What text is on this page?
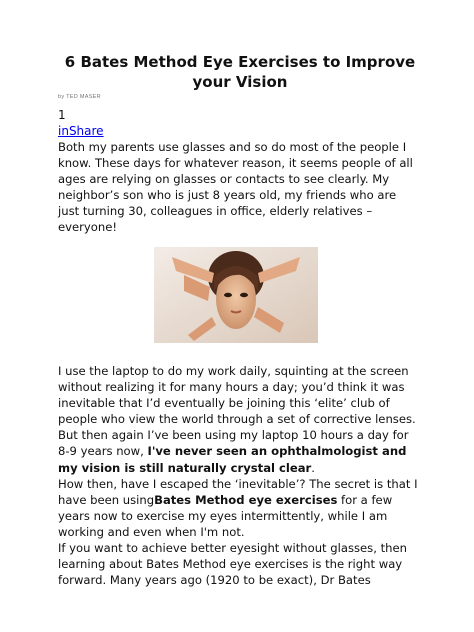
6 Bates Method Eye Exercises to Improve
your Vision
by TED MASER
1
inShare

Both my parents use glasses and so do most of the people I
know. These days for whatever reason, it seems people of all
ages are relying on glasses or contacts to see clearly. My
neighbor’s son who is just 8 years old, my friends who are
just turning 30, colleagues in office, elderly relatives –
everyone!

I use the laptop to do my work daily, squinting at the screen
without realizing it for many hours a day; you’d think it was
inevitable that I’d eventually be joining this ‘elite’ club of
people who view the world through a set of corrective lenses.
But then again I’ve been using my laptop 10 hours a day for
8-9 years now, I've never seen an ophthalmologist and
my vision is still naturally crystal clear.
How then, have I escaped the ‘inevitable’? The secret is that I
have been usingBates Method eye exercises for a few
years now to exercise my eyes intermittently, while I am
working and even when I'm not.
If you want to achieve better eyesight without glasses, then
learning about Bates Method eye exercises is the right way
forward. Many years ago (1920 to be exact), Dr Bates
